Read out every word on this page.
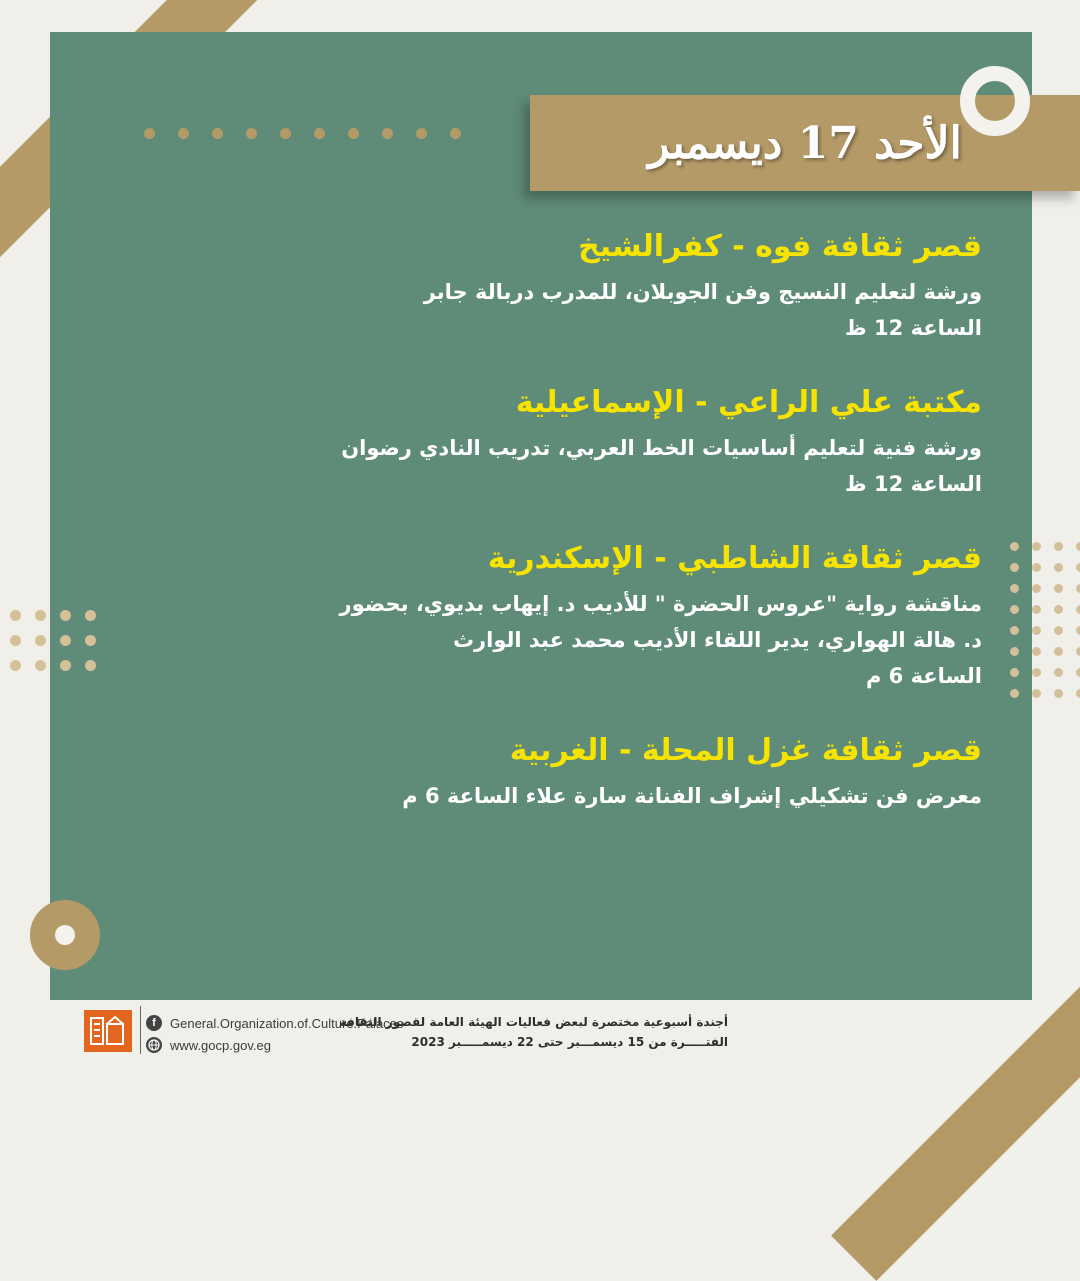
الأحد 17 ديسمبر
قصر ثقافة فوه - كفرالشيخ

ورشة لتعليم النسيج وفن الجوبلان، للمدرب دربالة جابر

الساعة 12 ظ

مكتبة علي الراعي - الإسماعيلية

ورشة فنية لتعليم أساسيات الخط العربي، تدريب النادي رضوان

الساعة 12 ظ

قصر ثقافة الشاطبي - الإسكندرية

مناقشة رواية "عروس الحضرة " للأديب د. إيهاب بديوي، بحضور

د. هالة الهواري، يدير اللقاء الأديب محمد عبد الوارث

الساعة 6 م

قصر ثقافة غزل المحلة - الغربية

معرض فن تشكيلي إشراف الفنانة سارة علاء الساعة 6 م

f	General.Organization.of.Culture.Palaces
www.gocp.gov.eg
أجندة أسبوعية مختصرة لبعض فعاليات الهيئة العامة لقصور الثقافة
الفتـــــرة من 15 ديسمـــبر حتى 22 ديسمـــــبر 2023
